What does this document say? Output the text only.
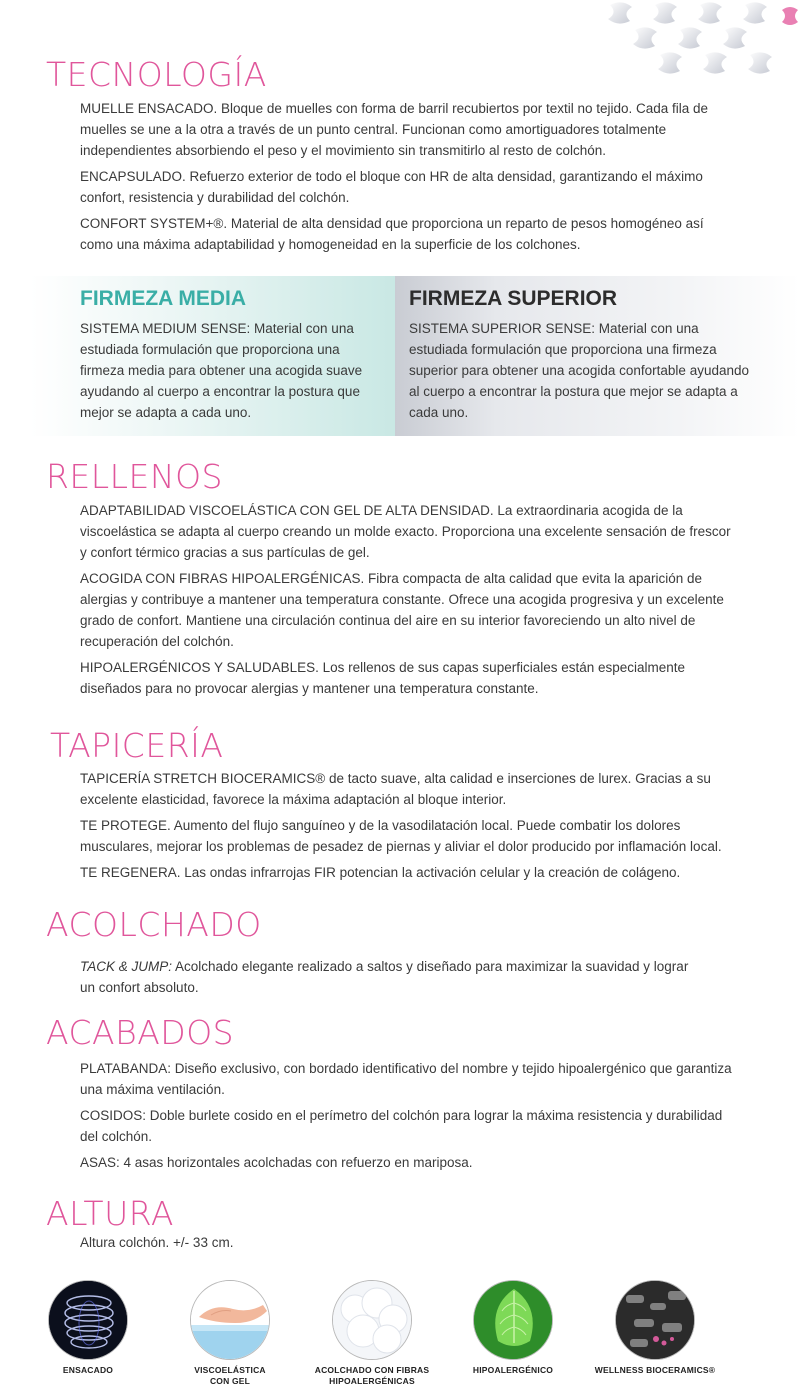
TECNOLOGÍA

MUELLE ENSACADO. Bloque de muelles con forma de barril recubiertos por textil no tejido. Cada fila de muelles se une a la otra a través de un punto central. Funcionan como amortiguadores totalmente independientes absorbiendo el peso y el movimiento sin transmitirlo al resto de colchón.

ENCAPSULADO. Refuerzo exterior de todo el bloque con HR de alta densidad, garantizando el máximo confort, resistencia y durabilidad del colchón.

CONFORT SYSTEM+®. Material de alta densidad que proporciona un reparto de pesos homogéneo así como una máxima adaptabilidad y homogeneidad en la superficie de los colchones.

FIRMEZA MEDIA

SISTEMA MEDIUM SENSE: Material con una estudiada formulación que proporciona una firmeza media para obtener una acogida suave ayudando al cuerpo a encontrar la postura que mejor se adapta a cada uno.

FIRMEZA SUPERIOR

SISTEMA SUPERIOR SENSE: Material con una estudiada formulación que proporciona una firmeza superior para obtener una acogida confortable ayudando al cuerpo a encontrar la postura que mejor se adapta a cada uno.

RELLENOS

ADAPTABILIDAD VISCOELÁSTICA CON GEL DE ALTA DENSIDAD. La extraordinaria acogida de la viscoelástica se adapta al cuerpo creando un molde exacto. Proporciona una excelente sensación de frescor y confort térmico gracias a sus partículas de gel.

ACOGIDA CON FIBRAS HIPOALERGÉNICAS. Fibra compacta de alta calidad que evita la aparición de alergias y contribuye a mantener una temperatura constante. Ofrece una acogida progresiva y un excelente grado de confort. Mantiene una circulación continua del aire en su interior favoreciendo un alto nivel de recuperación del colchón.

HIPOALERGÉNICOS Y SALUDABLES. Los rellenos de sus capas superficiales están especialmente diseñados para no provocar alergias y mantener una temperatura constante.

TAPICERÍA

TAPICERÍA STRETCH BIOCERAMICS® de tacto suave, alta calidad e inserciones de lurex. Gracias a su excelente elasticidad, favorece la máxima adaptación al bloque interior.

TE PROTEGE. Aumento del flujo sanguíneo y de la vasodilatación local. Puede combatir los dolores musculares, mejorar los problemas de pesadez de piernas y aliviar el dolor producido por inflamación local.

TE REGENERA. Las ondas infrarrojas FIR potencian la activación celular y la creación de colágeno.

ACOLCHADO

TACK & JUMP: Acolchado elegante realizado a saltos y diseñado para maximizar la suavidad y lograr un confort absoluto.

ACABADOS

PLATABANDA: Diseño exclusivo, con bordado identificativo del nombre y tejido hipoalergénico que garantiza una máxima ventilación.

COSIDOS: Doble burlete cosido en el perímetro del colchón para lograr la máxima resistencia y durabilidad del colchón.

ASAS: 4 asas horizontales acolchadas con refuerzo en mariposa.

ALTURA

Altura colchón. +/- 33 cm.

ENSACADO	VISCOELÁSTICA
CON GEL
ACOLCHADO CON FIBRAS
HIPOALERGÉNICAS
HIPOALERGÉNICO	WELLNESS BIOCERAMICS®
